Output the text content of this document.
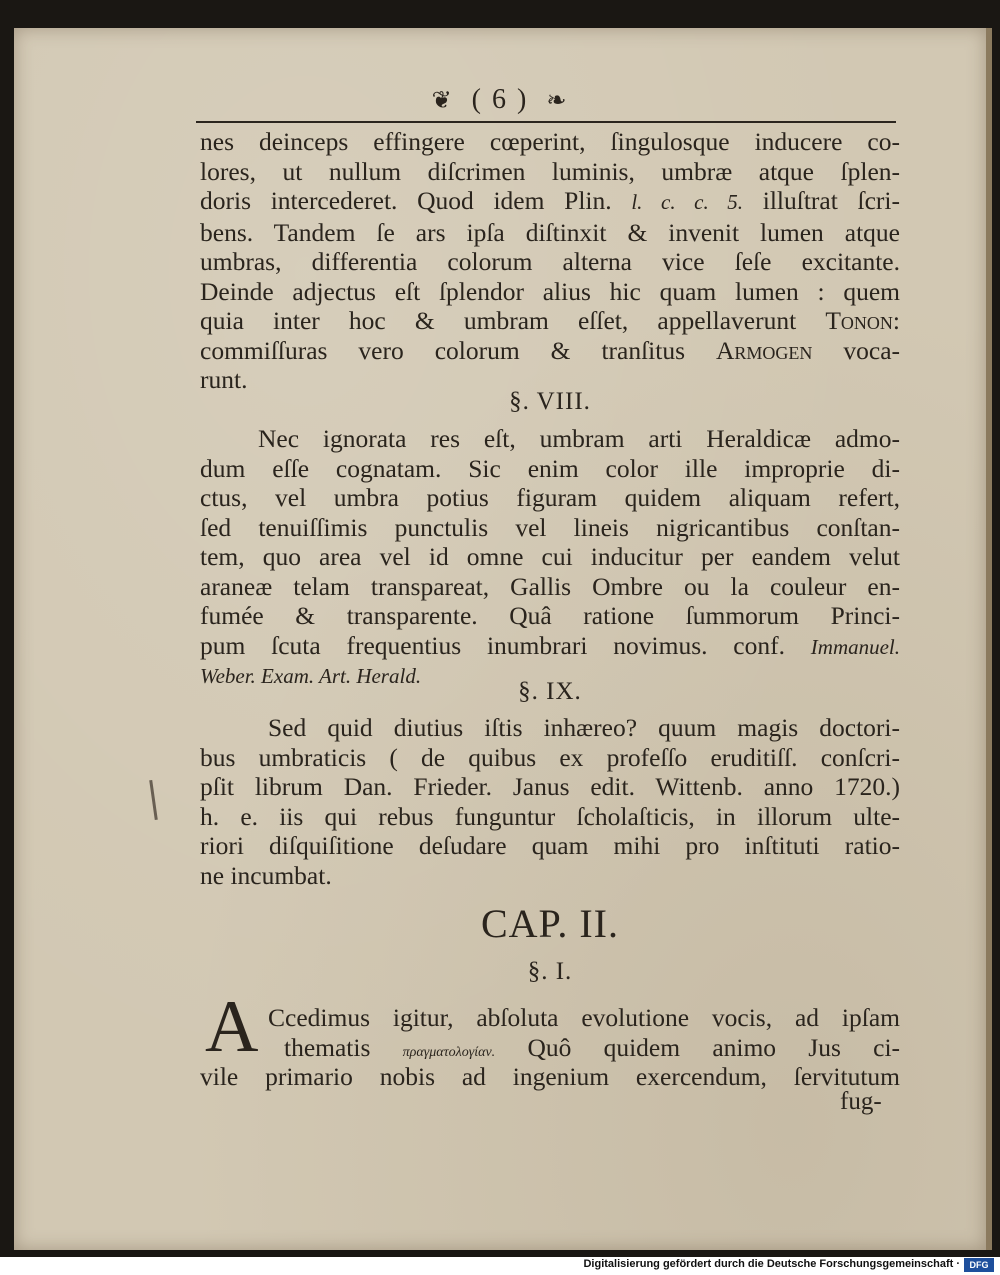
❦ ( 6 ) ❧
nes deinceps effingere cœperint, ſingulosque inducere co-
lores, ut nullum diſcrimen luminis, umbræ atque ſplen-
doris intercederet. Quod idem Plin. l. c. c. 5. illuſtrat ſcri-
bens. Tandem ſe ars ipſa diſtinxit & invenit lumen atque
umbras, differentia colorum alterna vice ſeſe excitante.
Deinde adjectus eſt ſplendor alius hic quam lumen : quem
quia inter hoc & umbram eſſet, appellaverunt Tonon:
commiſſuras vero colorum & tranſitus Armogen voca-
runt.
§. VIII.
Nec ignorata res eſt, umbram arti Heraldicæ admo-
dum eſſe cognatam. Sic enim color ille improprie di-
ctus, vel umbra potius figuram quidem aliquam refert,
ſed tenuiſſimis punctulis vel lineis nigricantibus conſtan-
tem, quo area vel id omne cui inducitur per eandem velut
araneæ telam transpareat, Gallis Ombre ou la couleur en-
fumée & transparente. Quâ ratione ſummorum Princi-
pum ſcuta frequentius inumbrari novimus. conf. Immanuel.
Weber. Exam. Art. Herald.
§. IX.
Sed quid diutius iſtis inhæreo? quum magis doctori-
bus umbraticis ( de quibus ex profeſſo eruditiſſ. conſcri-
pſit librum Dan. Frieder. Janus edit. Wittenb. anno 1720.)
h. e. iis qui rebus funguntur ſcholaſticis, in illorum ulte-
riori diſquiſitione deſudare quam mihi pro inſtituti ratio-
ne incumbat.
CAP. II.
§. I.
A Ccedimus igitur, abſoluta evolutione vocis, ad ipſam
thematis πραγματολογίαν. Quô quidem animo Jus ci-
vile primario nobis ad ingenium exercendum, ſervitutum
fug-
Digitalisierung gefördert durch die Deutsche Forschungsgemeinschaft ·	DFG
